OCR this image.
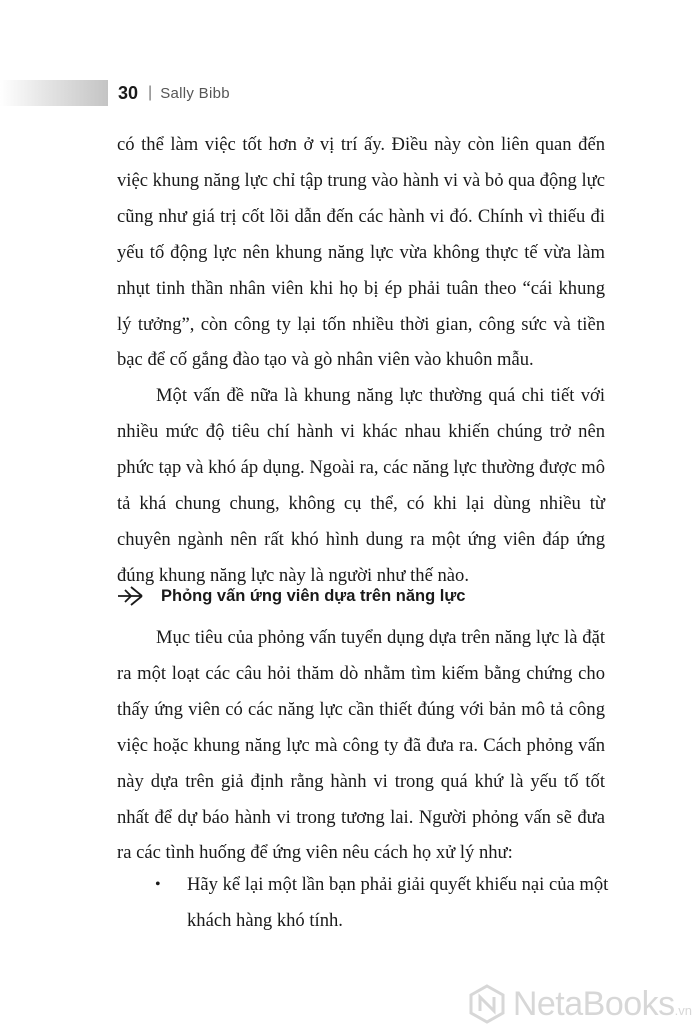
30 | Sally Bibb

có thể làm việc tốt hơn ở vị trí ấy. Điều này còn liên quan đến việc khung năng lực chỉ tập trung vào hành vi và bỏ qua động lực cũng như giá trị cốt lõi dẫn đến các hành vi đó. Chính vì thiếu đi yếu tố động lực nên khung năng lực vừa không thực tế vừa làm nhụt tinh thần nhân viên khi họ bị ép phải tuân theo “cái khung lý tưởng”, còn công ty lại tốn nhiều thời gian, công sức và tiền bạc để cố gắng đào tạo và gò nhân viên vào khuôn mẫu.

Một vấn đề nữa là khung năng lực thường quá chi tiết với nhiều mức độ tiêu chí hành vi khác nhau khiến chúng trở nên phức tạp và khó áp dụng. Ngoài ra, các năng lực thường được mô tả khá chung chung, không cụ thể, có khi lại dùng nhiều từ chuyên ngành nên rất khó hình dung ra một ứng viên đáp ứng đúng khung năng lực này là người như thế nào.

Phỏng vấn ứng viên dựa trên năng lực

Mục tiêu của phỏng vấn tuyển dụng dựa trên năng lực là đặt ra một loạt các câu hỏi thăm dò nhằm tìm kiếm bằng chứng cho thấy ứng viên có các năng lực cần thiết đúng với bản mô tả công việc hoặc khung năng lực mà công ty đã đưa ra. Cách phỏng vấn này dựa trên giả định rằng hành vi trong quá khứ là yếu tố tốt nhất để dự báo hành vi trong tương lai. Người phỏng vấn sẽ đưa ra các tình huống để ứng viên nêu cách họ xử lý như:

• Hãy kể lại một lần bạn phải giải quyết khiếu nại của một khách hàng khó tính.
NetaBooks .vn
